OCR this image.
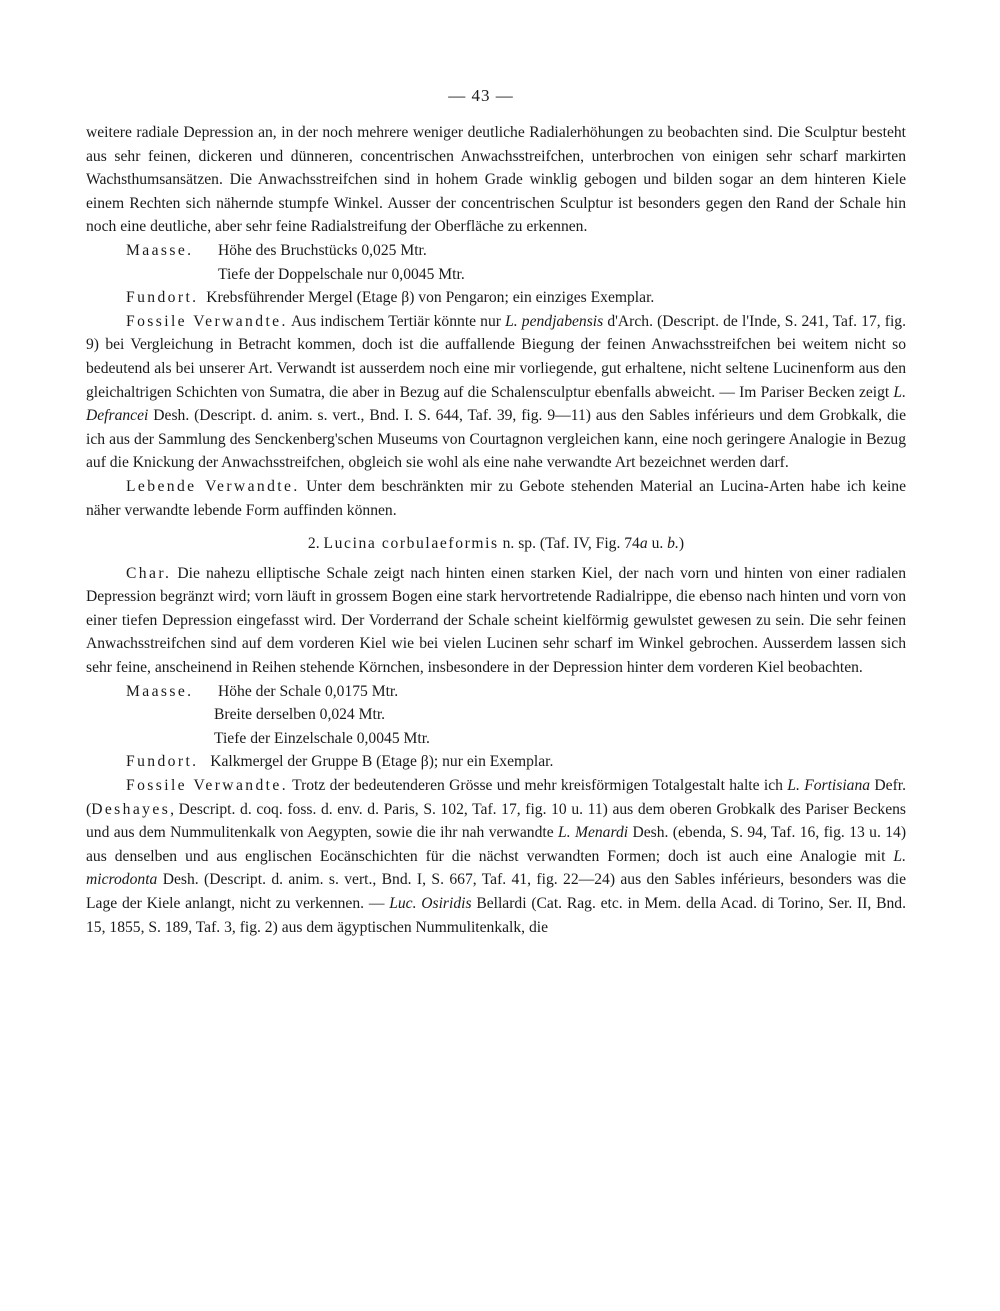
— 43 —

weitere radiale Depression an, in der noch mehrere weniger deutliche Radialerhöhungen zu beobachten sind. Die Sculptur besteht aus sehr feinen, dickeren und dünneren, concentrischen Anwachsstreifchen, unterbrochen von einigen sehr scharf markirten Wachsthumsansätzen. Die Anwachsstreifchen sind in hohem Grade winklig gebogen und bilden sogar an dem hinteren Kiele einem Rechten sich nähernde stumpfe Winkel. Ausser der concentrischen Sculptur ist besonders gegen den Rand der Schale hin noch eine deutliche, aber sehr feine Radialstreifung der Oberfläche zu erkennen.

Maasse. Höhe des Bruchstücks 0,025 Mtr.
Tiefe der Doppelschale nur 0,0045 Mtr.

Fundort. Krebsführender Mergel (Etage β) von Pengaron; ein einziges Exemplar.

Fossile Verwandte. Aus indischem Tertiär könnte nur L. pendjabensis d'Arch. (Descript. de l'Inde, S. 241, Taf. 17, fig. 9) bei Vergleichung in Betracht kommen, doch ist die auffallende Biegung der feinen Anwachsstreifchen bei weitem nicht so bedeutend als bei unserer Art. Verwandt ist ausserdem noch eine mir vorliegende, gut erhaltene, nicht seltene Lucinenform aus den gleichaltrigen Schichten von Sumatra, die aber in Bezug auf die Schalensculptur ebenfalls abweicht. — Im Pariser Becken zeigt L. Defrancei Desh. (Descript. d. anim. s. vert., Bnd. I. S. 644, Taf. 39, fig. 9—11) aus den Sables inférieurs und dem Grobkalk, die ich aus der Sammlung des Senckenberg'schen Museums von Courtagnon vergleichen kann, eine noch geringere Analogie in Bezug auf die Knickung der Anwachsstreifchen, obgleich sie wohl als eine nahe verwandte Art bezeichnet werden darf.

Lebende Verwandte. Unter dem beschränkten mir zu Gebote stehenden Material an Lucina-Arten habe ich keine näher verwandte lebende Form auffinden können.

2. Lucina corbulaeformis n. sp. (Taf. IV, Fig. 74a u. b.)

Char. Die nahezu elliptische Schale zeigt nach hinten einen starken Kiel, der nach vorn und hinten von einer radialen Depression begränzt wird; vorn läuft in grossem Bogen eine stark hervortretende Radialrippe, die ebenso nach hinten und vorn von einer tiefen Depression eingefasst wird. Der Vorderrand der Schale scheint kielförmig gewulstet gewesen zu sein. Die sehr feinen Anwachsstreifchen sind auf dem vorderen Kiel wie bei vielen Lucinen sehr scharf im Winkel gebrochen. Ausserdem lassen sich sehr feine, anscheinend in Reihen stehende Körnchen, insbesondere in der Depression hinter dem vorderen Kiel beobachten.

Maasse. Höhe der Schale 0,0175 Mtr.
Breite derselben 0,024 Mtr.
Tiefe der Einzelschale 0,0045 Mtr.

Fundort. Kalkmergel der Gruppe B (Etage β); nur ein Exemplar.

Fossile Verwandte. Trotz der bedeutenderen Grösse und mehr kreisförmigen Totalgestalt halte ich L. Fortisiana Defr. (Deshayes, Descript. d. coq. foss. d. env. d. Paris, S. 102, Taf. 17, fig. 10 u. 11) aus dem oberen Grobkalk des Pariser Beckens und aus dem Nummulitenkalk von Aegypten, sowie die ihr nah verwandte L. Menardi Desh. (ebenda, S. 94, Taf. 16, fig. 13 u. 14) aus denselben und aus englischen Eocänschichten für die nächst verwandten Formen; doch ist auch eine Analogie mit L. microdonta Desh. (Descript. d. anim. s. vert., Bnd. I, S. 667, Taf. 41, fig. 22—24) aus den Sables inférieurs, besonders was die Lage der Kiele anlangt, nicht zu verkennen. — Luc. Osiridis Bellardi (Cat. Rag. etc. in Mem. della Acad. di Torino, Ser. II, Bnd. 15, 1855, S. 189, Taf. 3, fig. 2) aus dem ägyptischen Nummulitenkalk, die
